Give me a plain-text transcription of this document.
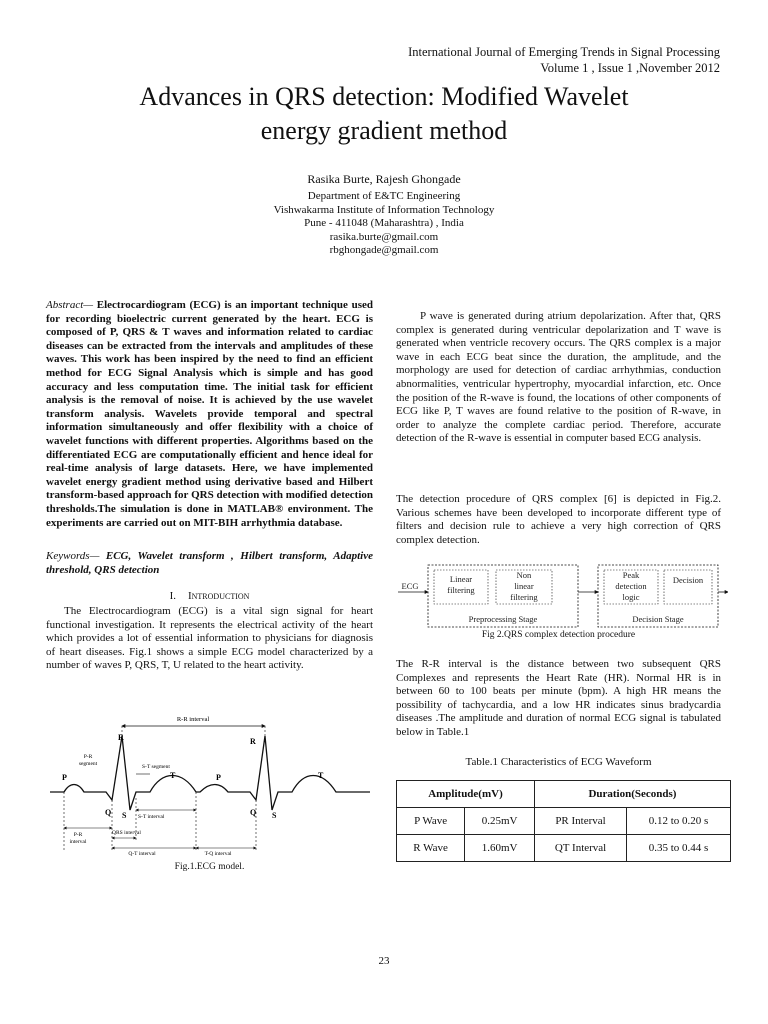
International Journal of Emerging Trends in Signal Processing
Volume 1 , Issue 1 ,November 2012
Advances in QRS detection: Modified Wavelet
energy gradient method
Rasika Burte, Rajesh Ghongade
Department of E&TC Engineering
Vishwakarma Institute of Information Technology
Pune - 411048 (Maharashtra) , India
rasika.burte@gmail.com
rbghongade@gmail.com
Abstract— Electrocardiogram (ECG) is an important technique used for recording bioelectric current generated by the heart. ECG is composed of P, QRS & T waves and information related to cardiac diseases can be extracted from the intervals and amplitudes of these waves. This work has been inspired by the need to find an efficient method for ECG Signal Analysis which is simple and has good accuracy and less computation time. The initial task for efficient analysis is the removal of noise. It is achieved by the use wavelet transform analysis. Wavelets provide temporal and spectral information simultaneously and offer flexibility with a choice of wavelet functions with different properties. Algorithms based on the differentiated ECG are computationally efficient and hence ideal for real-time analysis of large datasets. Here, we have implemented wavelet energy gradient method using derivative based and Hilbert transform-based approach for QRS detection with modified detection thresholds.The simulation is done in MATLAB® environment. The experiments are carried out on MIT-BIH arrhythmia database.
Keywords— ECG, Wavelet transform , Hilbert transform, Adaptive threshold, QRS detection
I. Introduction
The Electrocardiogram (ECG) is a vital sign signal for heart functional investigation. It represents the electrical activity of the heart which provides a lot of essential information to physicians for diagnosis of heart diseases. Fig.1 shows a simple ECG model characterized by a number of waves P, QRS, T, U related to the heart activity.
R-R interval
R	R
P	P
T	T
Q S	Q S
P-R
segment	S-T segment
S-T interval
P-R
interval
QRS interval
Q-T interval	T-Q interval
Fig.1.ECG model.
P wave is generated during atrium depolarization. After that, QRS complex is generated during ventricular depolarization and T wave is generated when ventricle recovery occurs. The QRS complex is a major wave in each ECG beat since the duration, the amplitude, and the morphology are used for detection of cardiac arrhythmias, conduction abnormalities, ventricular hypertrophy, myocardial infarction, etc. Once the position of the R-wave is found, the locations of other components of ECG like P, T waves are found relative to the position of R-wave, in order to analyze the complete cardiac period. Therefore, accurate detection of the R-wave is essential in computer based ECG analysis.
The detection procedure of QRS complex [6] is depicted in Fig.2. Various schemes have been developed to incorporate different type of filters and decision rule to achieve a very high correction of QRS complex detection.
ECG
Linear
filtering
Non
linear
filtering
Peak
detection
logic
Decision
Preprocessing Stage	Decision Stage
Fig 2.QRS complex detection procedure
The R-R interval is the distance between two subsequent QRS Complexes and represents the Heart Rate (HR). Normal HR is in between 60 to 100 beats per minute (bpm). A high HR means the possibility of tachycardia, and a low HR indicates sinus bradycardia diseases .The amplitude and duration of normal ECG signal is tabulated below in Table.1
Table.1 Characteristics of ECG Waveform
Amplitude(mV)		Duration(Seconds)	
P Wave	0.25mV	PR Interval	0.12 to 0.20 s
R Wave	1.60mV	QT Interval	0.35 to 0.44 s
23
